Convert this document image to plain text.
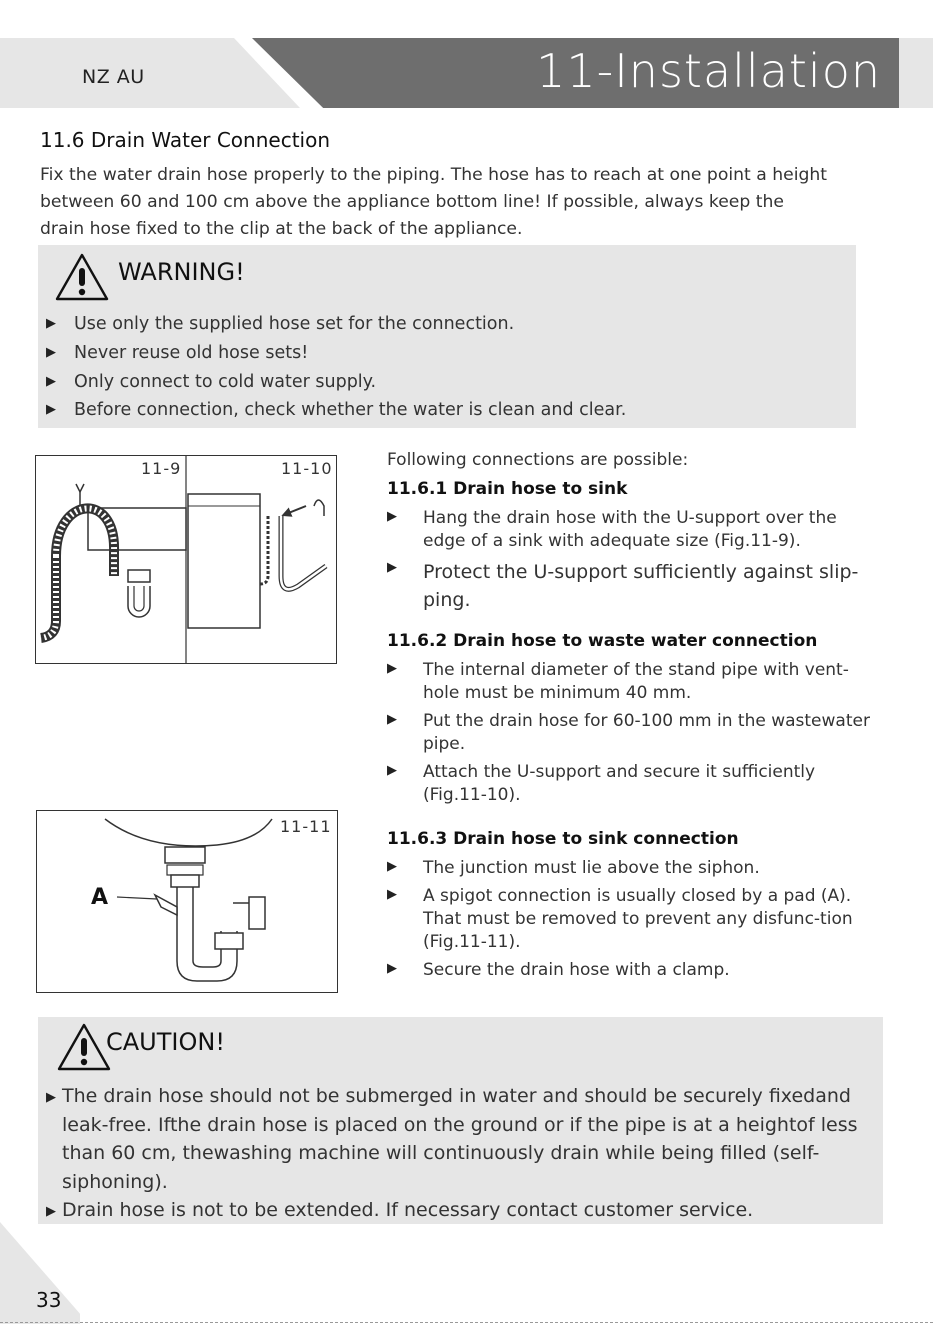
NZ AU	11-Installation
11.6 Drain Water Connection

Fix the water drain hose properly to the piping. The hose has to reach at one point a height between 60 and 100 cm above the appliance bottom line! If possible, always keep the drain hose fixed to the clip at the back of the appliance.

WARNING!
▶ Use only the supplied hose set for the connection.
▶ Never reuse old hose sets!
▶ Only connect to cold water supply.
▶ Before connection, check whether the water is clean and clear.
11-9	11-10
11-11
A
Following connections are possible:
11.6.1 Drain hose to sink
▶ Hang the drain hose with the U-support over the edge of a sink with adequate size (Fig.11-9).
▶ Protect the U-support sufficiently against slip-ping.
11.6.2 Drain hose to waste water connection
▶ The internal diameter of the stand pipe with vent-hole must be minimum 40 mm.
▶ Put the drain hose for 60-100 mm in the wastewater pipe.
▶ Attach the U-support and secure it sufficiently (Fig.11-10).
11.6.3 Drain hose to sink connection
▶ The junction must lie above the siphon.
▶ A spigot connection is usually closed by a pad (A). That must be removed to prevent any disfunc-tion (Fig.11-11).
▶ Secure the drain hose with a clamp.
CAUTION!
▶ The drain hose should not be submerged in water and should be securely fixedand leak-free. Ifthe drain hose is placed on the ground or if the pipe is at a heightof less than 60 cm, thewashing machine will continuously drain while being filled (self-siphoning).
▶ Drain hose is not to be extended. If necessary contact customer service.
33
